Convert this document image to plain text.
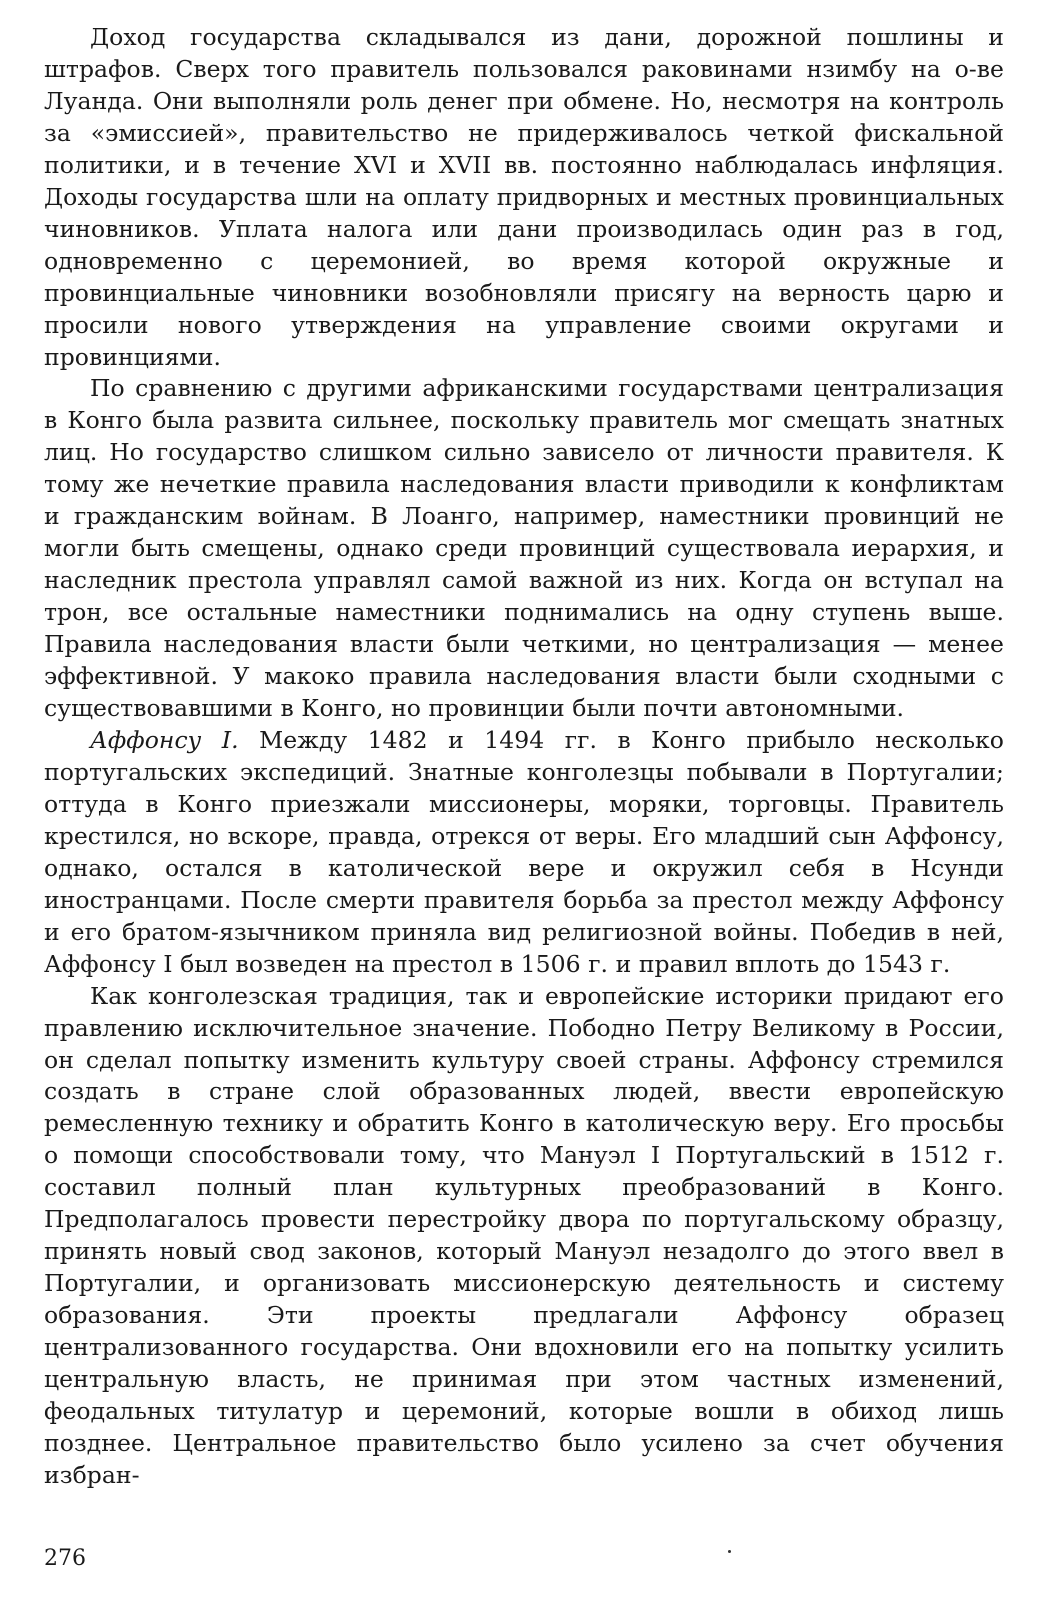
Доход государства складывался из дани, дорожной пошлины и штрафов. Сверх того правитель пользовался раковинами нзимбу на о-ве Луанда. Они выполняли роль денег при обмене. Но, несмотря на контроль за «эмиссией», правительство не придерживалось четкой фискальной политики, и в течение XVI и XVII вв. постоянно наблюдалась инфляция. Доходы государства шли на оплату придворных и местных провинциальных чиновников. Уплата налога или дани производилась один раз в год, одновременно с церемонией, во время которой окружные и провинциальные чиновники возобновляли присягу на верность царю и просили нового утверждения на управление своими округами и провинциями.

По сравнению с другими африканскими государствами централизация в Конго была развита сильнее, поскольку правитель мог смещать знатных лиц. Но государство слишком сильно зависело от личности правителя. К тому же нечеткие правила наследования власти приводили к конфликтам и гражданским войнам. В Лоанго, например, наместники провинций не могли быть смещены, однако среди провинций существовала иерархия, и наследник престола управлял самой важной из них. Когда он вступал на трон, все остальные наместники поднимались на одну ступень выше. Правила наследования власти были четкими, но централизация — менее эффективной. У макоко правила наследования власти были сходными с существовавшими в Конго, но провинции были почти автономными.

Аффонсу I. Между 1482 и 1494 гг. в Конго прибыло несколько португальских экспедиций. Знатные конголезцы побывали в Португалии; оттуда в Конго приезжали миссионеры, моряки, торговцы. Правитель крестился, но вскоре, правда, отрекся от веры. Его младший сын Аффонсу, однако, остался в католической вере и окружил себя в Нсунди иностранцами. После смерти правителя борьба за престол между Аффонсу и его братом-язычником приняла вид религиозной войны. Победив в ней, Аффонсу I был возведен на престол в 1506 г. и правил вплоть до 1543 г.

Как конголезская традиция, так и европейские историки придают его правлению исключительное значение. Пободно Петру Великому в России, он сделал попытку изменить культуру своей страны. Аффонсу стремился создать в стране слой образованных людей, ввести европейскую ремесленную технику и обратить Конго в католическую веру. Его просьбы о помощи способствовали тому, что Мануэл I Португальский в 1512 г. составил полный план культурных преобразований в Конго. Предполагалось провести перестройку двора по португальскому образцу, принять новый свод законов, который Мануэл незадолго до этого ввел в Португалии, и организовать миссионерскую деятельность и систему образования. Эти проекты предлагали Аффонсу образец централизованного государства. Они вдохновили его на попытку усилить центральную власть, не принимая при этом частных изменений, феодальных титулатур и церемоний, которые вошли в обиход лишь позднее. Центральное правительство было усилено за счет обучения избран-

276
